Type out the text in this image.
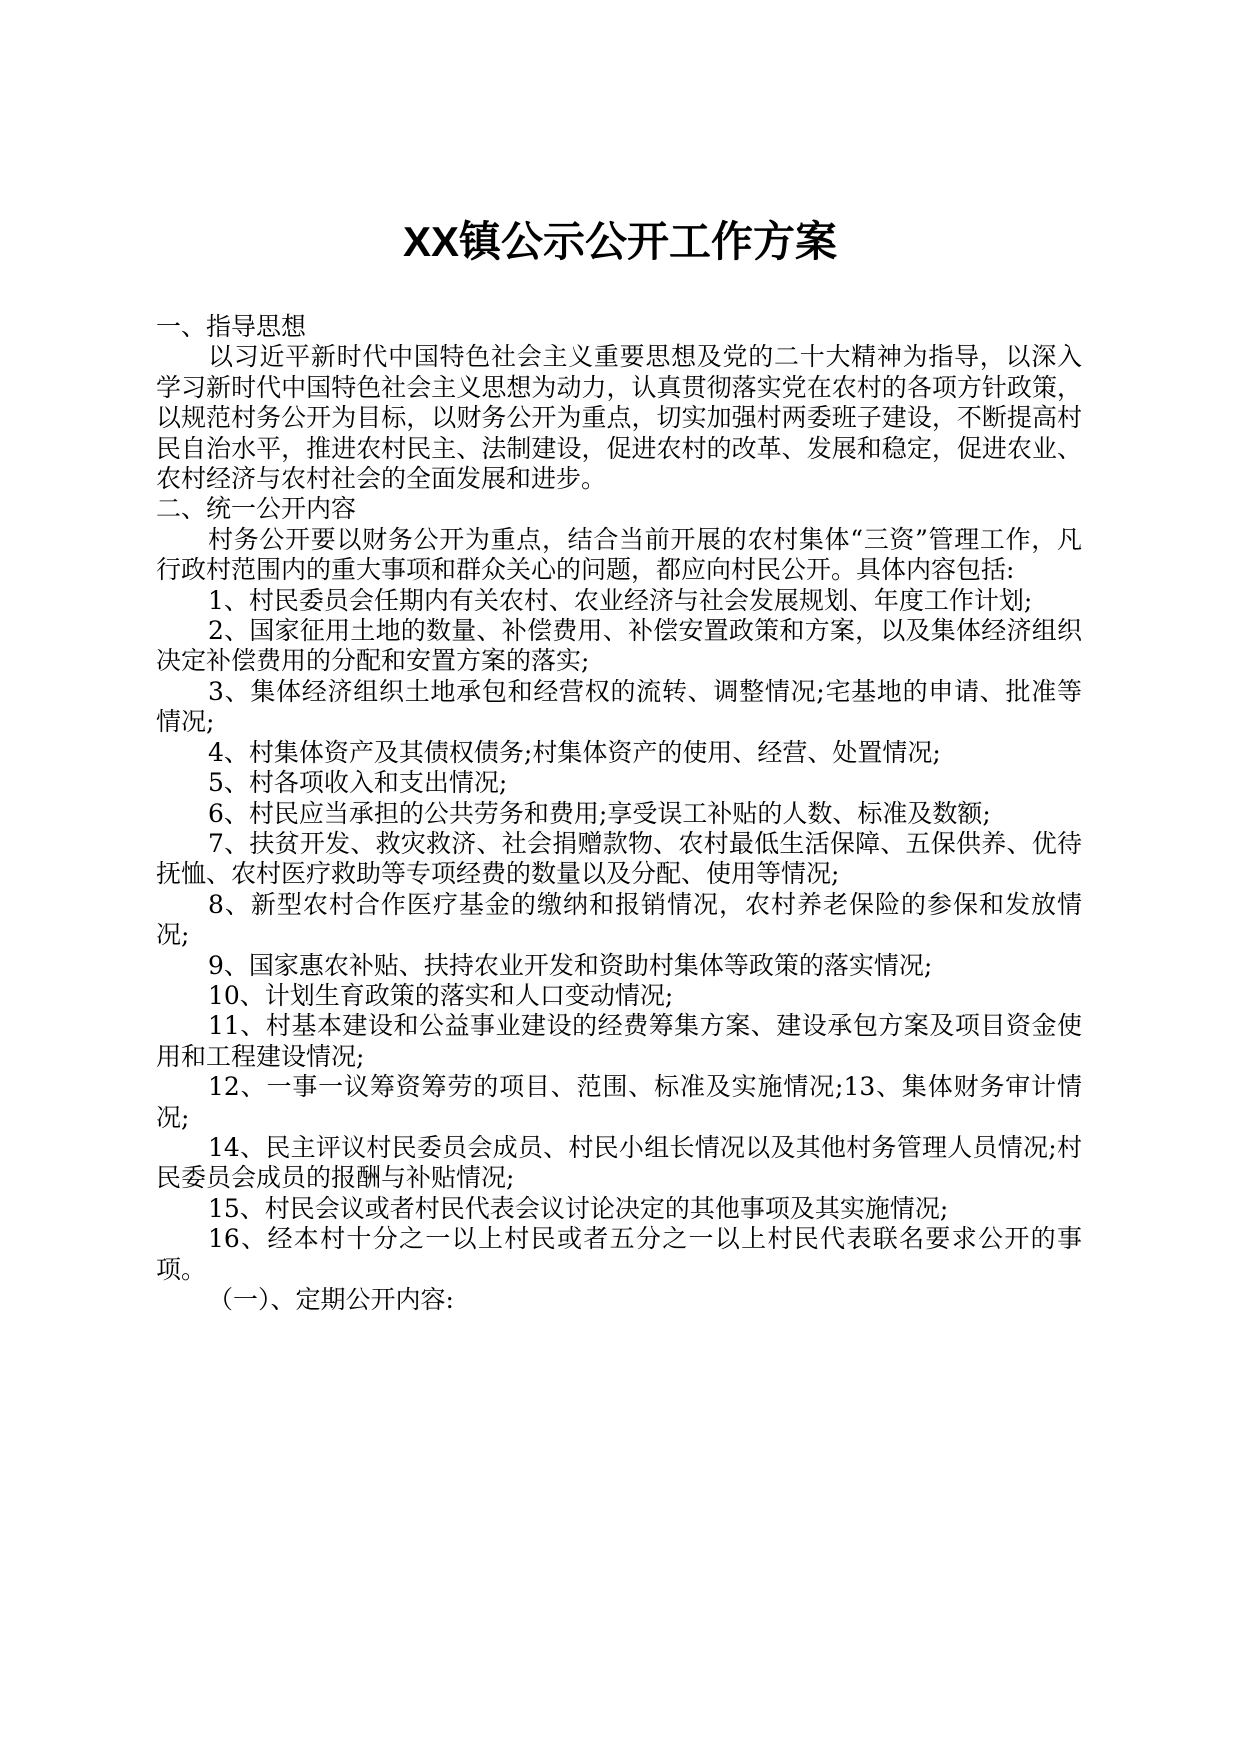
XX镇公示公开工作方案

一、指导思想

以习近平新时代中国特色社会主义重要思想及党的二十大精神为指导，以深入学习新时代中国特色社会主义思想为动力，认真贯彻落实党在农村的各项方针政策，以规范村务公开为目标，以财务公开为重点，切实加强村两委班子建设，不断提高村民自治水平，推进农村民主、法制建设，促进农村的改革、发展和稳定，促进农业、农村经济与农村社会的全面发展和进步。

二、统一公开内容

村务公开要以财务公开为重点，结合当前开展的农村集体“三资”管理工作，凡行政村范围内的重大事项和群众关心的问题，都应向村民公开。具体内容包括:

1、村民委员会任期内有关农村、农业经济与社会发展规划、年度工作计划;

2、国家征用土地的数量、补偿费用、补偿安置政策和方案，以及集体经济组织决定补偿费用的分配和安置方案的落实;

3、集体经济组织土地承包和经营权的流转、调整情况;宅基地的申请、批准等情况;

4、村集体资产及其债权债务;村集体资产的使用、经营、处置情况;

5、村各项收入和支出情况;

6、村民应当承担的公共劳务和费用;享受误工补贴的人数、标准及数额;

7、扶贫开发、救灾救济、社会捐赠款物、农村最低生活保障、五保供养、优待抚恤、农村医疗救助等专项经费的数量以及分配、使用等情况;

8、新型农村合作医疗基金的缴纳和报销情况，农村养老保险的参保和发放情况;

9、国家惠农补贴、扶持农业开发和资助村集体等政策的落实情况;

10、计划生育政策的落实和人口变动情况;

11、村基本建设和公益事业建设的经费筹集方案、建设承包方案及项目资金使用和工程建设情况;

12、一事一议筹资筹劳的项目、范围、标准及实施情况;13、集体财务审计情况;

14、民主评议村民委员会成员、村民小组长情况以及其他村务管理人员情况;村民委员会成员的报酬与补贴情况;

15、村民会议或者村民代表会议讨论决定的其他事项及其实施情况;

16、经本村十分之一以上村民或者五分之一以上村民代表联名要求公开的事项。

（一）、定期公开内容:
